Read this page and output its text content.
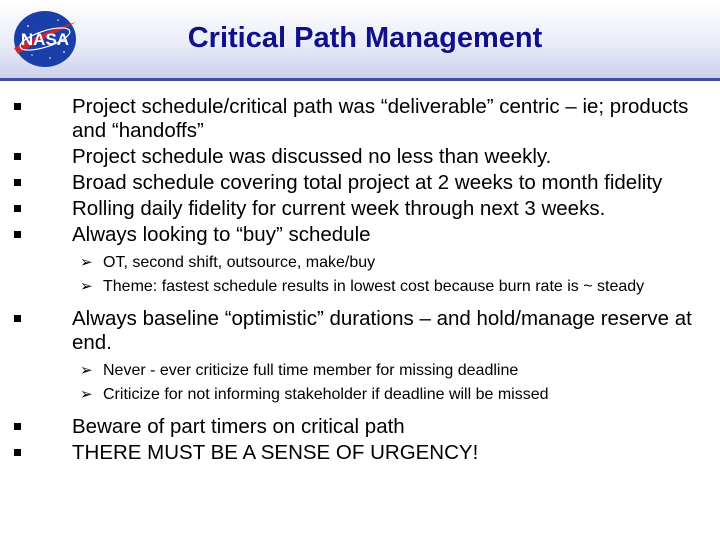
NASA	Critical Path Management
Project schedule/critical path was “deliverable” centric – ie; products and “handoffs”
Project schedule was discussed no less than weekly.
Broad schedule covering total project at 2 weeks to month fidelity
Rolling daily fidelity for current week through next 3 weeks.
Always looking to “buy” schedule
➢ OT, second shift, outsource, make/buy
➢ Theme: fastest schedule results in lowest cost because burn rate is ~ steady
Always baseline “optimistic” durations – and hold/manage reserve at end.
➢ Never - ever criticize full time member for missing deadline
➢ Criticize for not informing stakeholder if deadline will be missed
Beware of part timers on critical path
THERE MUST BE A SENSE OF URGENCY!
